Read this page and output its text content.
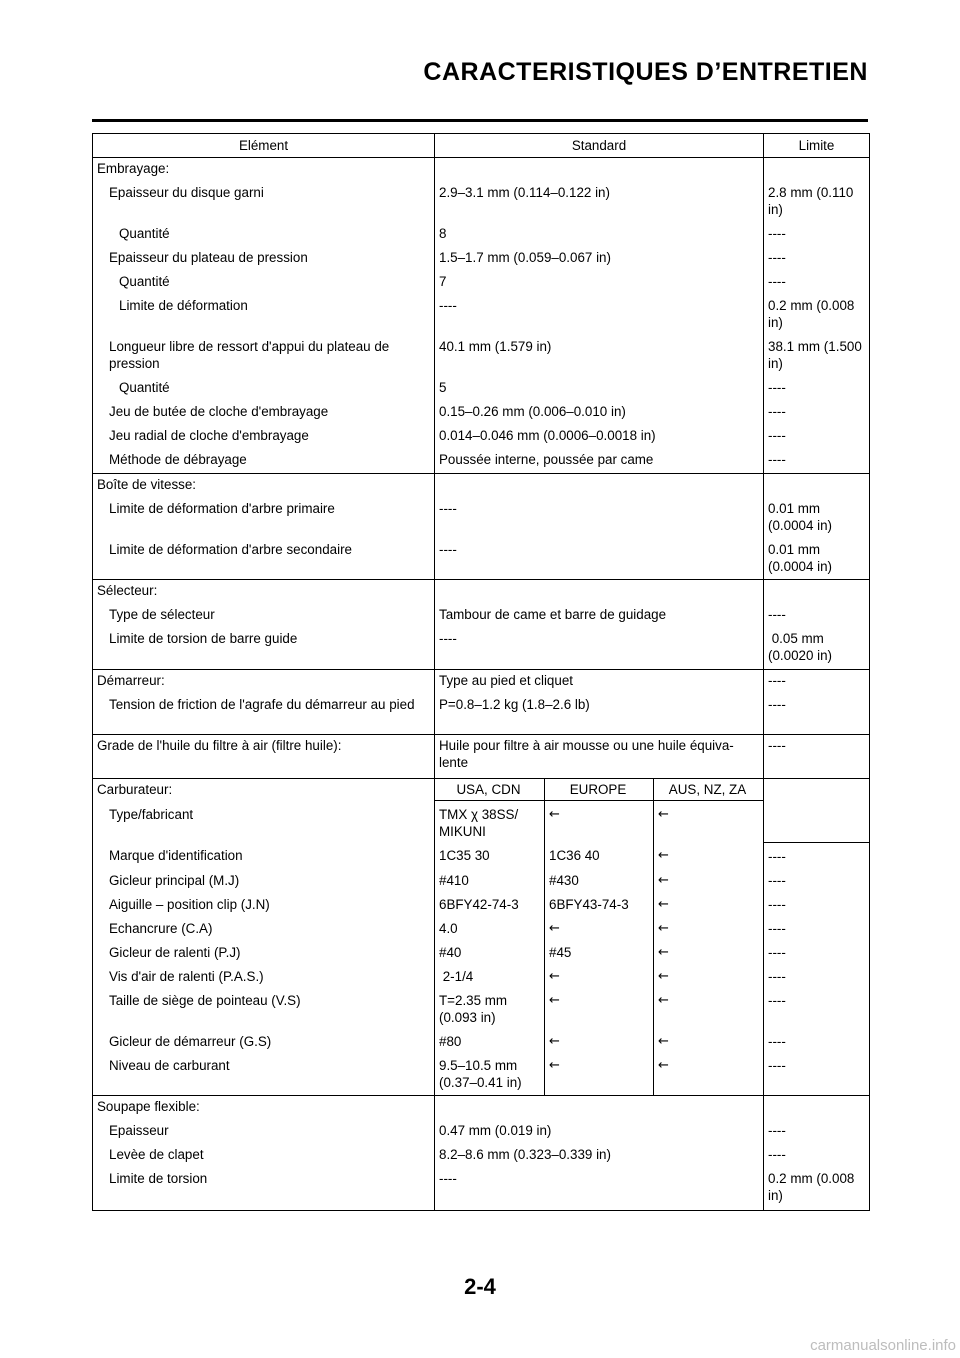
CARACTERISTIQUES D’ENTRETIEN
Elément	Standard			Limite
Embrayage:				
Epaisseur du disque garni	2.9–3.1 mm (0.114–0.122 in)			2.8 mm (0.110 in)
Quantité	8			----
Epaisseur du plateau de pression	1.5–1.7 mm (0.059–0.067 in)			----
Quantité	7			----
Limite de déformation	----			0.2 mm (0.008 in)
Longueur libre de ressort d'appui du plateau de pression	40.1 mm (1.579 in)			38.1 mm (1.500 in)
Quantité	5			----
Jeu de butée de cloche d'embrayage	0.15–0.26 mm (0.006–0.010 in)			----
Jeu radial de cloche d'embrayage	0.014–0.046 mm (0.0006–0.0018 in)			----
Méthode de débrayage	Poussée interne, poussée par came			----
Boîte de vitesse:				
Limite de déformation d'arbre primaire	----			0.01 mm (0.0004 in)
Limite de déformation d'arbre secondaire	----			0.01 mm (0.0004 in)
Sélecteur:				
Type de sélecteur	Tambour de came et barre de guidage			----
Limite de torsion de barre guide	----			0.05 mm (0.0020 in)
Démarreur:	Type au pied et cliquet			----
Tension de friction de l'agrafe du démarreur au pied	P=0.8–1.2 kg (1.8–2.6 lb)			----
Grade de l'huile du filtre à air (filtre huile):	Huile pour filtre à air mousse ou une huile équiva-lente			----
Carburateur:	USA, CDN	EUROPE	AUS, NZ, ZA	
Type/fabricant	TMX χ 38SS/ MIKUNI	←	←	
Marque d'identification	1C35 30	1C36 40	←	----
Gicleur principal (M.J)	#410	#430	←	----
Aiguille – position clip (J.N)	6BFY42-74-3	6BFY43-74-3	←	----
Echancrure (C.A)	4.0	←	←	----
Gicleur de ralenti (P.J)	#40	#45	←	----
Vis d'air de ralenti (P.A.S.)	2-1/4	←	←	----
Taille de siège de pointeau (V.S)	T=2.35 mm (0.093 in)	←	←	----
Gicleur de démarreur (G.S)	#80	←	←	----
Niveau de carburant	9.5–10.5 mm (0.37–0.41 in)	←	←	----
Soupape flexible:				
Epaisseur	0.47 mm (0.019 in)			----
Levèe de clapet	8.2–8.6 mm (0.323–0.339 in)			----
Limite de torsion	----			0.2 mm (0.008 in)

2-4

carmanualsonline.info
